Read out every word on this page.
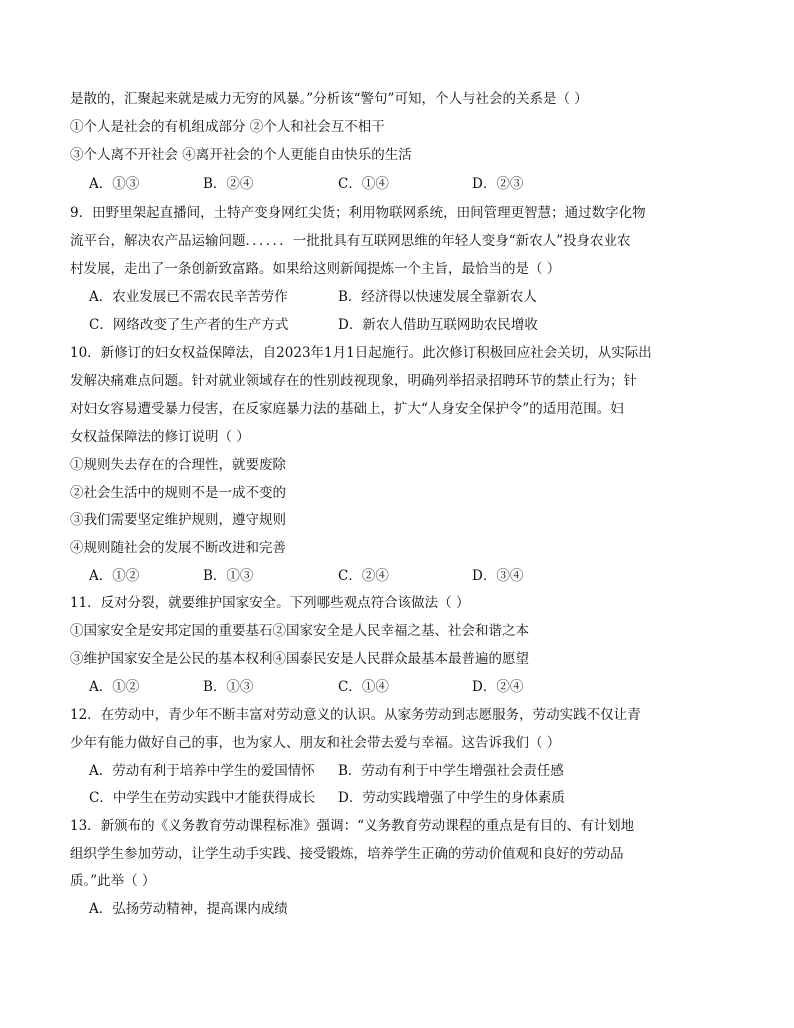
是散的，汇聚起来就是威力无穷的风暴。”分析该“警句”可知，个人与社会的关系是（ ）
①个人是社会的有机组成部分 ②个人和社会互不相干
③个人离不开社会 ④离开社会的个人更能自由快乐的生活
A．①③	B．②④	C．①④	D．②③
9．田野里架起直播间，土特产变身网红尖货；利用物联网系统，田间管理更智慧；通过数字化物
流平台，解决农产品运输问题．．．．．．一批批具有互联网思维的年轻人变身“新农人”投身农业农
村发展，走出了一条创新致富路。如果给这则新闻提炼一个主旨，最恰当的是（ ）
A．农业发展已不需农民辛苦劳作	B．经济得以快速发展全靠新农人
C．网络改变了生产者的生产方式	D．新农人借助互联网助农民增收
10．新修订的妇女权益保障法，自2023年1月1日起施行。此次修订积极回应社会关切，从实际出
发解决痛难点问题。针对就业领域存在的性别歧视现象，明确列举招录招聘环节的禁止行为；针
对妇女容易遭受暴力侵害，在反家庭暴力法的基础上，扩大“人身安全保护令”的适用范围。妇
女权益保障法的修订说明（ ）
①规则失去存在的合理性，就要废除
②社会生活中的规则不是一成不变的
③我们需要坚定维护规则，遵守规则
④规则随社会的发展不断改进和完善
A．①②	B．①③	C．②④	D．③④
11．反对分裂，就要维护国家安全。下列哪些观点符合该做法（ ）
①国家安全是安邦定国的重要基石②国家安全是人民幸福之基、社会和谐之本
③维护国家安全是公民的基本权利④国泰民安是人民群众最基本最普遍的愿望
A．①②	B．①③	C．①④	D．②④
12．在劳动中，青少年不断丰富对劳动意义的认识。从家务劳动到志愿服务，劳动实践不仅让青
少年有能力做好自己的事，也为家人、朋友和社会带去爱与幸福。这告诉我们（ ）
A．劳动有利于培养中学生的爱国情怀 B．劳动有利于中学生增强社会责任感
C．中学生在劳动实践中才能获得成长 D．劳动实践增强了中学生的身体素质
13．新颁布的《义务教育劳动课程标准》强调：“义务教育劳动课程的重点是有目的、有计划地
组织学生参加劳动，让学生动手实践、接受锻炼，培养学生正确的劳动价值观和良好的劳动品
质。”此举（ ）
A．弘扬劳动精神，提高课内成绩
